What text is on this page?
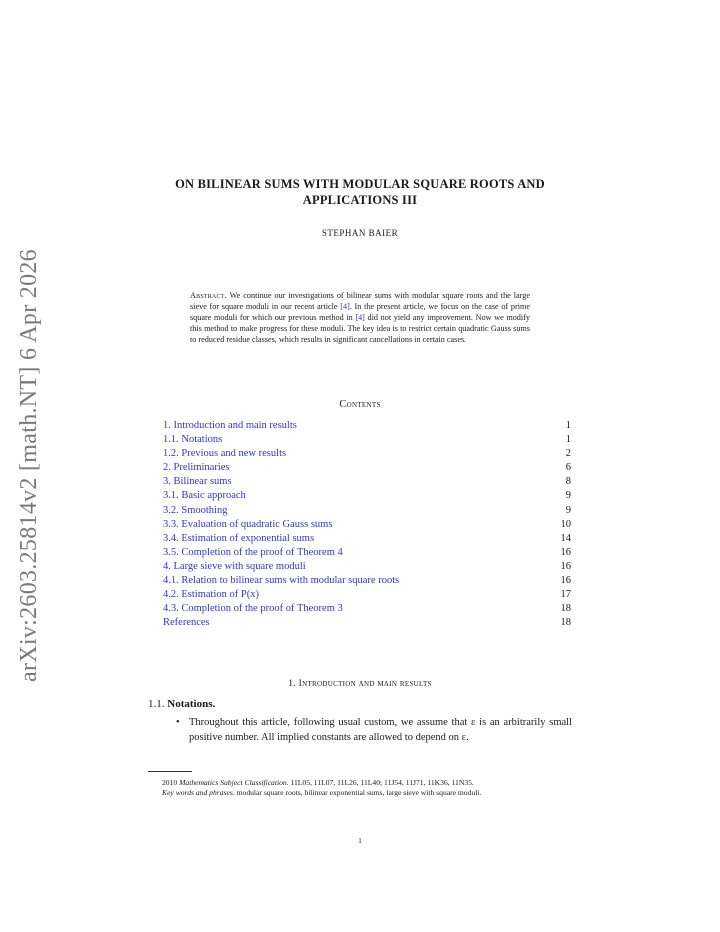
arXiv:2603.25814v2 [math.NT] 6 Apr 2026
ON BILINEAR SUMS WITH MODULAR SQUARE ROOTS AND
APPLICATIONS III
STEPHAN BAIER
Abstract. We continue our investigations of bilinear sums with modular square roots and the large sieve for square moduli in our recent article [4]. In the present article, we focus on the case of prime square moduli for which our previous method in [4] did not yield any improvement. Now we modify this method to make progress for these moduli. The key idea is to restrict certain quadratic Gauss sums to reduced residue classes, which results in significant cancellations in certain cases.
Contents
1. Introduction and main results	1
1.1. Notations	1
1.2. Previous and new results	2
2. Preliminaries	6
3. Bilinear sums	8
3.1. Basic approach	9
3.2. Smoothing	9
3.3. Evaluation of quadratic Gauss sums	10
3.4. Estimation of exponential sums	14
3.5. Completion of the proof of Theorem 4	16
4. Large sieve with square moduli	16
4.1. Relation to bilinear sums with modular square roots	16
4.2. Estimation of P(x)	17
4.3. Completion of the proof of Theorem 3	18
References	18
1. Introduction and main results
1.1. Notations.
• Throughout this article, following usual custom, we assume that ε is an arbitrarily small positive number. All implied constants are allowed to depend on ε.

2010 Mathematics Subject Classification. 11L05, 11L07, 11L26, 11L40; 11J54, 11J71, 11K36, 11N35.

Key words and phrases. modular square roots, bilinear exponential sums, large sieve with square moduli.

1
